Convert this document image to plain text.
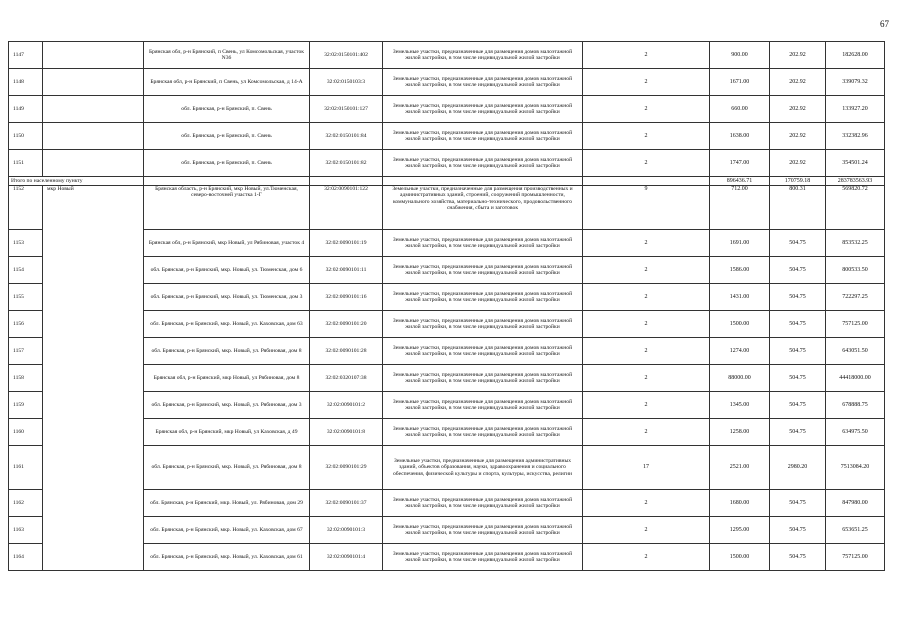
67
1147		Брянская обл, р-н Брянский, п Свень, ул Комсомольская, участок N36	32:02:0150101:402	Земельные участки, предназначенные для размещения домов малоэтажной жилой застройки, в том числе индивидуальной жилой застройки	2	900.00	202.92	182628.00
1148		Брянская обл, р-н Брянский, п Свень, ул Комсомольская, д 14-А	32:02:0150103:3	Земельные участки, предназначенные для размещения домов малоэтажной жилой застройки, в том числе индивидуальной жилой застройки	2	1671.00	202.92	339079.32
1149		обл. Брянская, р-н Брянский, п. Свень	32:02:0150101:127	Земельные участки, предназначенные для размещения домов малоэтажной жилой застройки, в том числе индивидуальной жилой застройки	2	660.00	202.92	133927.20
1150		обл. Брянская, р-н Брянский, п. Свень	32:02:0150101:84	Земельные участки, предназначенные для размещения домов малоэтажной жилой застройки, в том числе индивидуальной жилой застройки	2	1638.00	202.92	332382.96
1151		обл. Брянская, р-н Брянский, п. Свень	32:02:0150101:82	Земельные участки, предназначенные для размещения домов малоэтажной жилой застройки, в том числе индивидуальной жилой застройки	2	1747.00	202.92	354501.24
Итого по населенному пункту						896436.71	170759.18	283783563.93
1152	мкр Новый	Брянская область, р-н Брянский, мкр Новый, ул.Тюменская, северо-восточней участка 1-Г	32:02:0090101:122	Земельные участки, предназначенные для размещения производственных и административных зданий, строений, сооружений промышленности, коммунального хозяйства, материально-технического, продовольственного снабжения, сбыта и заготовок	9	712.00	800.31	569820.72
1153		Брянская обл, р-н Брянский, мкр Новый, ул Рябиновая, участок 4	32:02:0090101:19	Земельные участки, предназначенные для размещения домов малоэтажной жилой застройки, в том числе индивидуальной жилой застройки	2	1691.00	504.75	853532.25
1154		обл. Брянская, р-н Брянский, мкр. Новый, ул. Тюменская, дом 6	32:02:0090101:11	Земельные участки, предназначенные для размещения домов малоэтажной жилой застройки, в том числе индивидуальной жилой застройки	2	1586.00	504.75	800533.50
1155		обл. Брянская, р-н Брянский, мкр. Новый, ул. Тюменская, дом 3	32:02:0090101:16	Земельные участки, предназначенные для размещения домов малоэтажной жилой застройки, в том числе индивидуальной жилой застройки	2	1431.00	504.75	722297.25
1156		обл. Брянская, р-н Брянский, мкр. Новый, ул. Каховская, дом 63	32:02:0090101:20	Земельные участки, предназначенные для размещения домов малоэтажной жилой застройки, в том числе индивидуальной жилой застройки	2	1500.00	504.75	757125.00
1157		обл. Брянская, р-н Брянский, мкр. Новый, ул. Рябиновая, дом 8	32:02:0090101:28	Земельные участки, предназначенные для размещения домов малоэтажной жилой застройки, в том числе индивидуальной жилой застройки	2	1274.00	504.75	643051.50
1158		Брянская обл, р-н Брянский, мкр Новый, ул Рябиновая, дом 8	32:02:0320107:38	Земельные участки, предназначенные для размещения домов малоэтажной жилой застройки, в том числе индивидуальной жилой застройки	2	88000.00	504.75	44418000.00
1159		обл. Брянская, р-н Брянский, мкр. Новый, ул. Рябиновая, дом 3	32:02:0090101:2	Земельные участки, предназначенные для размещения домов малоэтажной жилой застройки, в том числе индивидуальной жилой застройки	2	1345.00	504.75	678888.75
1160		Брянская обл, р-н Брянский, мкр Новый, ул Каховская, д 49	32:02:0090101:8	Земельные участки, предназначенные для размещения домов малоэтажной жилой застройки, в том числе индивидуальной жилой застройки	2	1258.00	504.75	634975.50
1161		обл. Брянская, р-н Брянский, мкр. Новый, ул. Рябиновая, дом 8	32:02:0090101:29	Земельные участки, предназначенные для размещения административных зданий, объектов образования, науки, здравоохранения и социального обеспечения, физической культуры и спорта, культуры, искусства, религии	17	2521.00	2980.20	7513084.20
1162		обл. Брянская, р-н Брянский, мкр. Новый, ул. Рябиновая, дом 29	32:02:0090101:37	Земельные участки, предназначенные для размещения домов малоэтажной жилой застройки, в том числе индивидуальной жилой застройки	2	1680.00	504.75	847980.00
1163		обл. Брянская, р-н Брянский, мкр. Новый, ул. Каховская, дом 67	32:02:0090101:3	Земельные участки, предназначенные для размещения домов малоэтажной жилой застройки, в том числе индивидуальной жилой застройки	2	1295.00	504.75	653651.25
1164		обл. Брянская, р-н Брянский, мкр. Новый, ул. Каховская, дом 61	32:02:0090101:4	Земельные участки, предназначенные для размещения домов малоэтажной жилой застройки, в том числе индивидуальной жилой застройки	2	1500.00	504.75	757125.00
